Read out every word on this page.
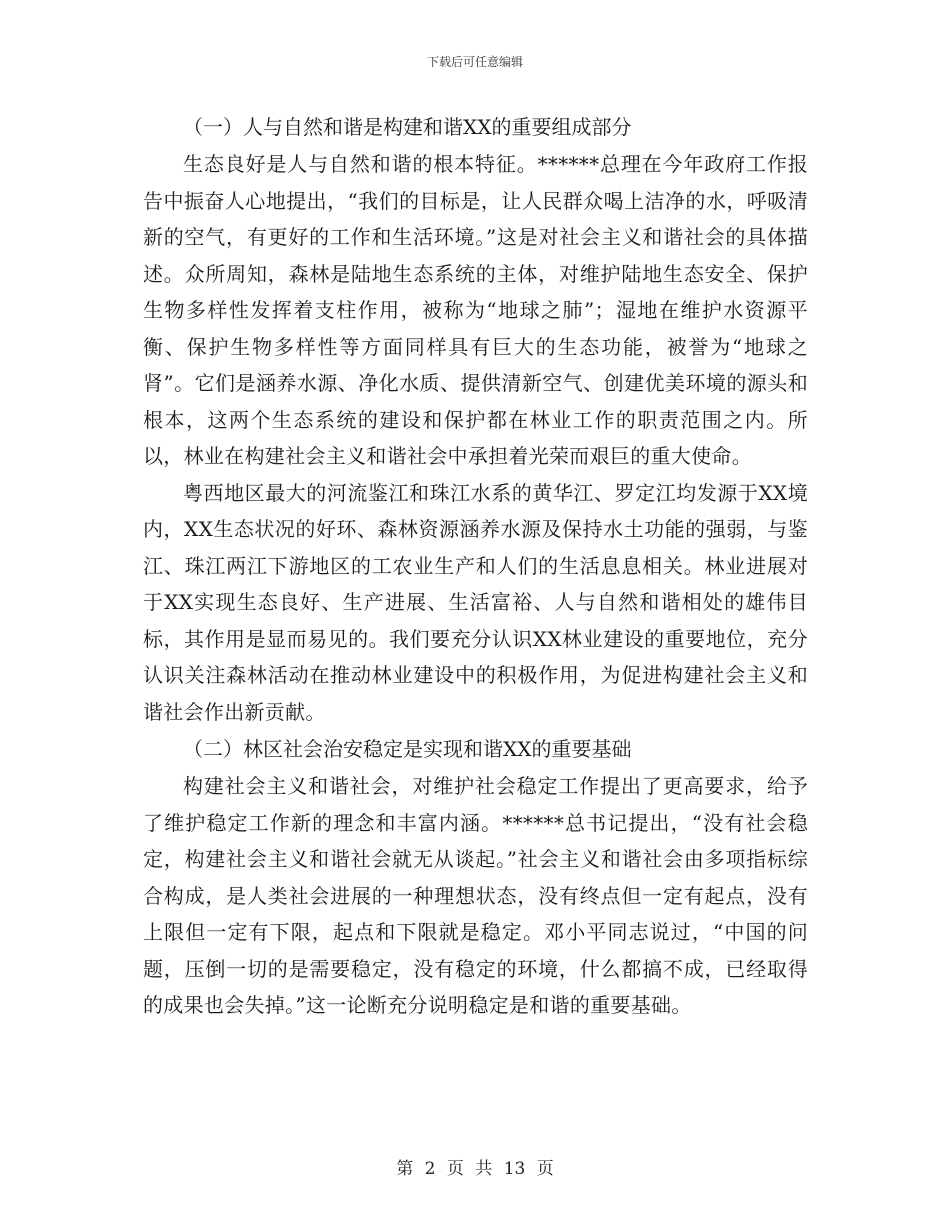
下载后可任意编辑
（一）人与自然和谐是构建和谐XX的重要组成部分

生态良好是人与自然和谐的根本特征。******总理在今年政府工作报告中振奋人心地提出，“我们的目标是，让人民群众喝上洁净的水，呼吸清新的空气，有更好的工作和生活环境。”这是对社会主义和谐社会的具体描述。众所周知，森林是陆地生态系统的主体，对维护陆地生态安全、保护生物多样性发挥着支柱作用，被称为“地球之肺”；湿地在维护水资源平衡、保护生物多样性等方面同样具有巨大的生态功能，被誉为“地球之肾”。它们是涵养水源、净化水质、提供清新空气、创建优美环境的源头和根本，这两个生态系统的建设和保护都在林业工作的职责范围之内。所以，林业在构建社会主义和谐社会中承担着光荣而艰巨的重大使命。

粤西地区最大的河流鉴江和珠江水系的黄华江、罗定江均发源于XX境内，XX生态状况的好环、森林资源涵养水源及保持水土功能的强弱，与鉴江、珠江两江下游地区的工农业生产和人们的生活息息相关。林业进展对于XX实现生态良好、生产进展、生活富裕、人与自然和谐相处的雄伟目标，其作用是显而易见的。我们要充分认识XX林业建设的重要地位，充分认识关注森林活动在推动林业建设中的积极作用，为促进构建社会主义和谐社会作出新贡献。

（二）林区社会治安稳定是实现和谐XX的重要基础

构建社会主义和谐社会，对维护社会稳定工作提出了更高要求，给予了维护稳定工作新的理念和丰富内涵。******总书记提出，“没有社会稳定，构建社会主义和谐社会就无从谈起。”社会主义和谐社会由多项指标综合构成，是人类社会进展的一种理想状态，没有终点但一定有起点，没有上限但一定有下限，起点和下限就是稳定。邓小平同志说过，“中国的问题，压倒一切的是需要稳定，没有稳定的环境，什么都搞不成，已经取得的成果也会失掉。”这一论断充分说明稳定是和谐的重要基础。

第 2 页 共 13 页
